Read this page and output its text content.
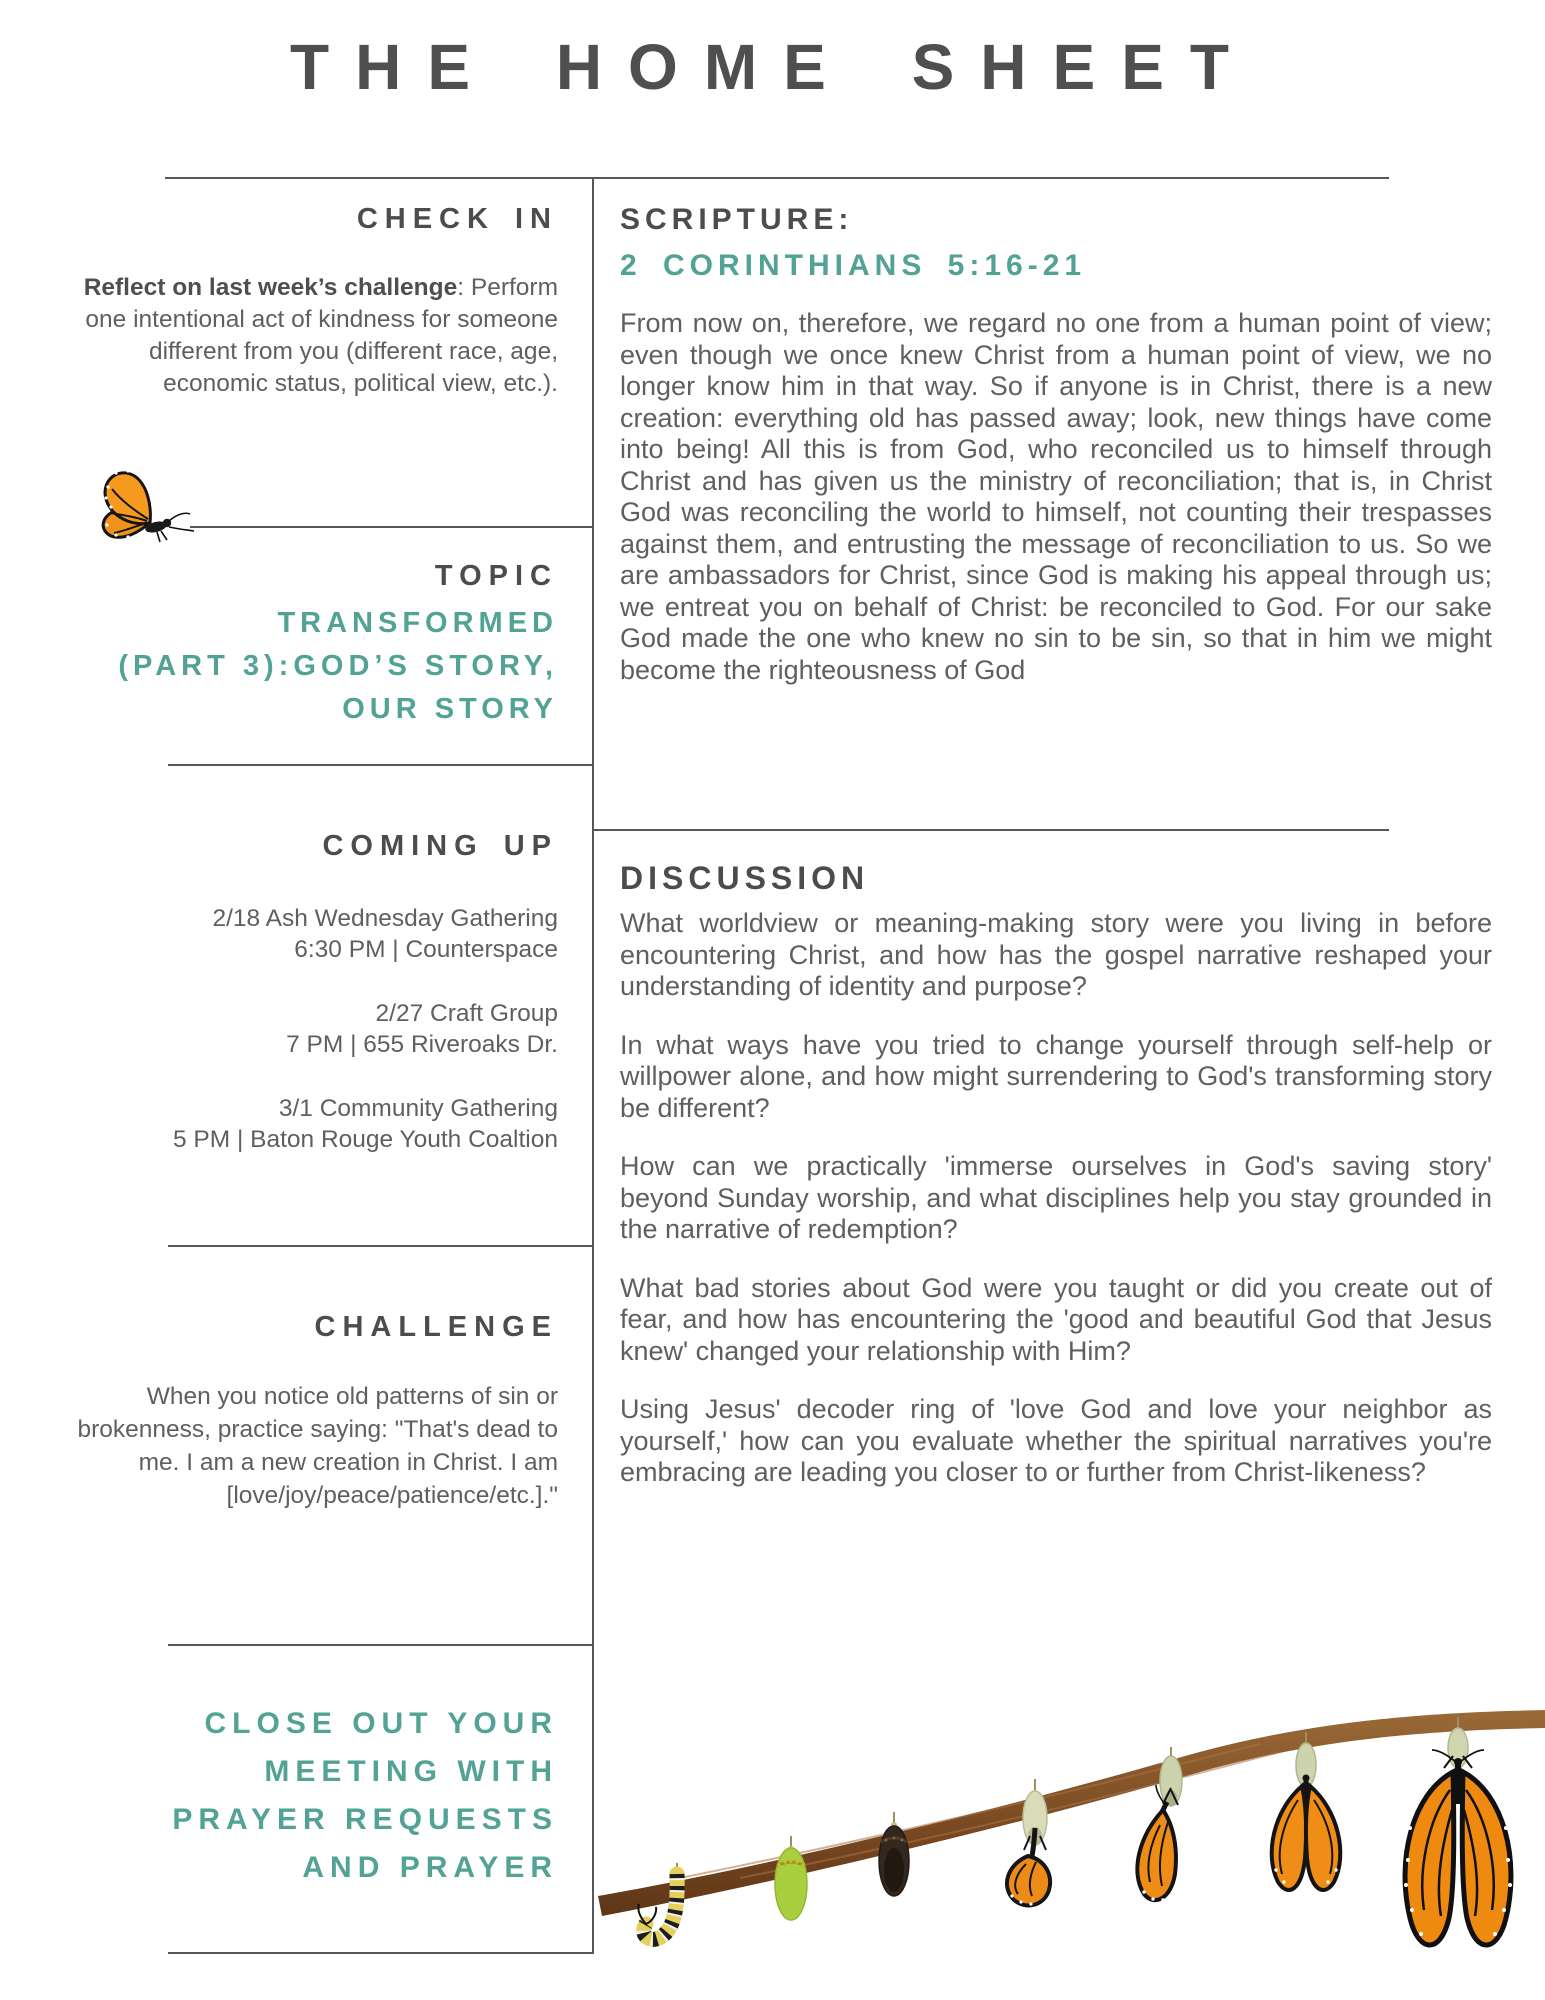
THE HOME SHEET
CHECK IN
Reflect on last week’s challenge: Perform one intentional act of kindness for someone different from you (different race, age, economic status, political view, etc.).
TOPIC
TRANSFORMED
(PART 3):GOD’S STORY,
OUR STORY
COMING UP
2/18 Ash Wednesday Gathering
6:30 PM | Counterspace
2/27 Craft Group
7 PM | 655 Riveroaks Dr.
3/1 Community Gathering
5 PM | Baton Rouge Youth Coaltion
CHALLENGE
When you notice old patterns of sin or brokenness, practice saying: "That's dead to me. I am a new creation in Christ. I am [love/joy/peace/patience/etc.]."
CLOSE OUT YOUR
MEETING WITH
PRAYER REQUESTS
AND PRAYER
SCRIPTURE:
2 CORINTHIANS 5:16-21
From now on, therefore, we regard no one from a human point of view; even though we once knew Christ from a human point of view, we no longer know him in that way. So if anyone is in Christ, there is a new creation: everything old has passed away; look, new things have come into being! All this is from God, who reconciled us to himself through Christ and has given us the ministry of reconciliation; that is, in Christ God was reconciling the world to himself, not counting their trespasses against them, and entrusting the message of reconciliation to us. So we are ambassadors for Christ, since God is making his appeal through us; we entreat you on behalf of Christ: be reconciled to God. For our sake God made the one who knew no sin to be sin, so that in him we might become the righteousness of God
DISCUSSION

What worldview or meaning-making story were you living in before encountering Christ, and how has the gospel narrative reshaped your understanding of identity and purpose?

In what ways have you tried to change yourself through self-help or willpower alone, and how might surrendering to God's transforming story be different?

How can we practically 'immerse ourselves in God's saving story' beyond Sunday worship, and what disciplines help you stay grounded in the narrative of redemption?

What bad stories about God were you taught or did you create out of fear, and how has encountering the 'good and beautiful God that Jesus knew' changed your relationship with Him?

Using Jesus' decoder ring of 'love God and love your neighbor as yourself,' how can you evaluate whether the spiritual narratives you're embracing are leading you closer to or further from Christ-likeness?
